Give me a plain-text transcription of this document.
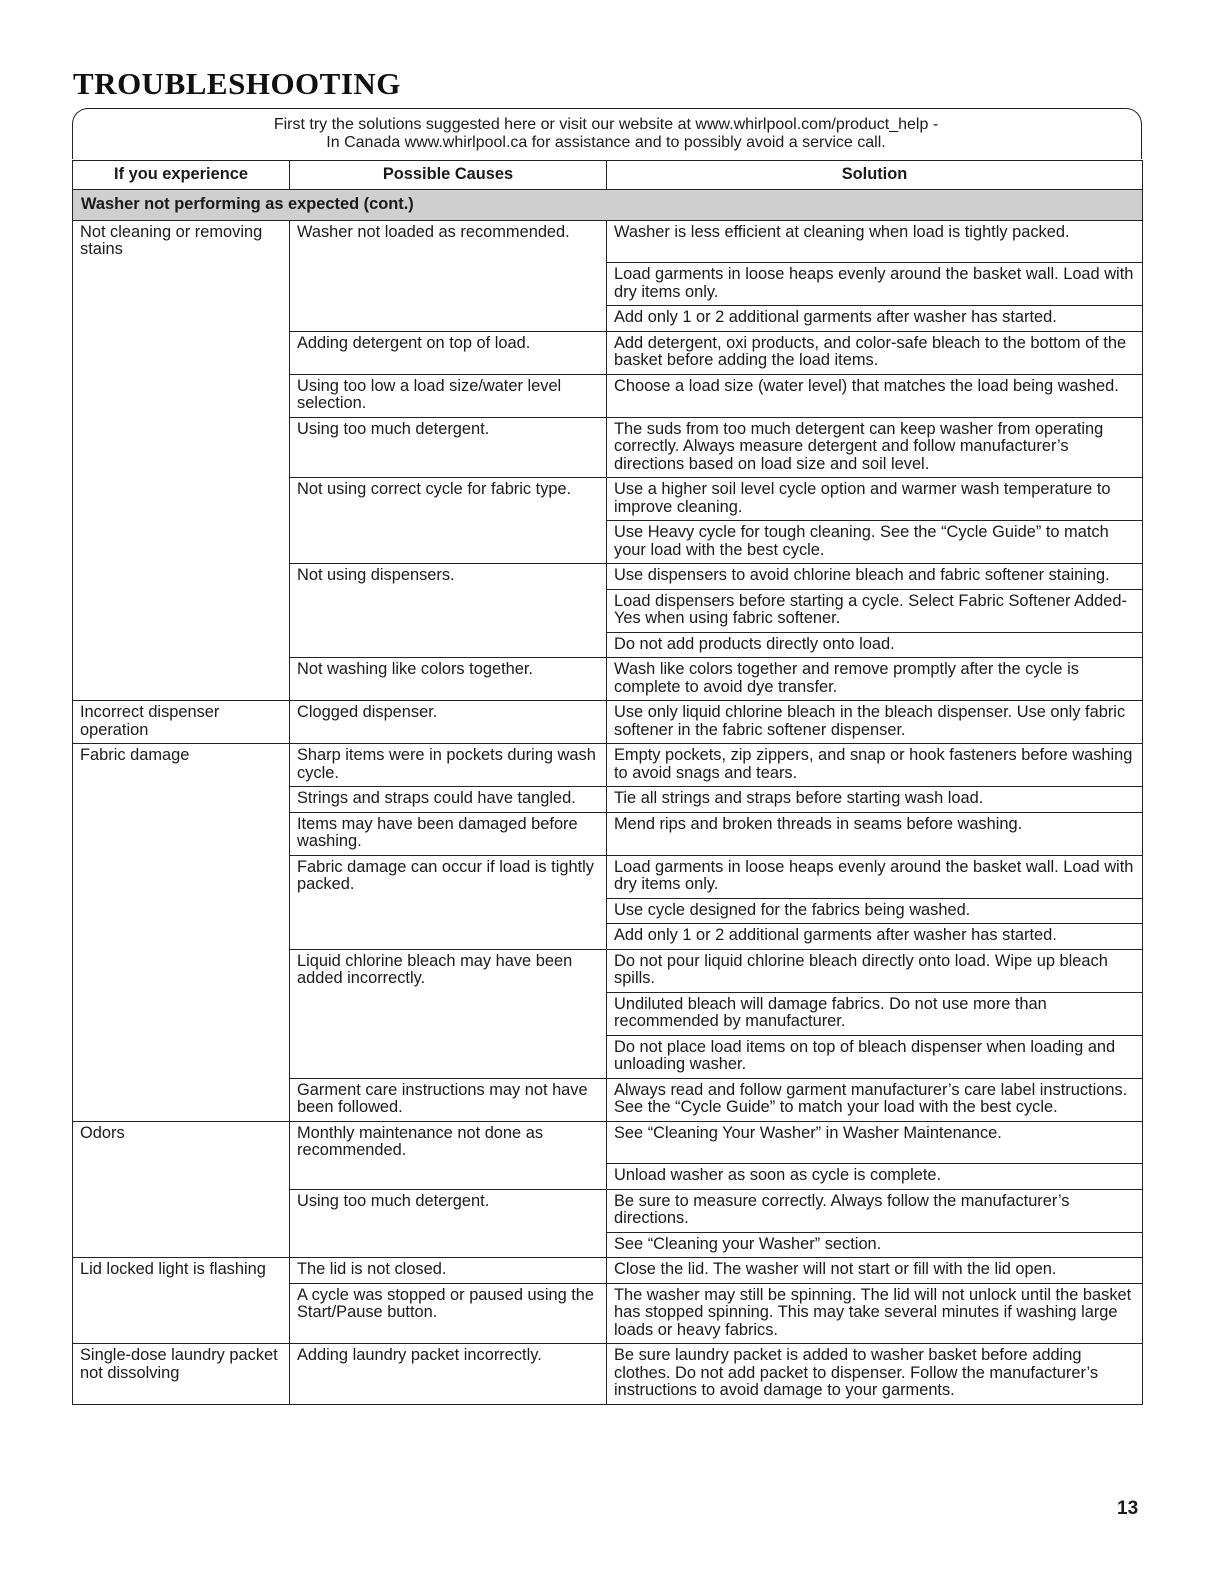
TROUBLESHOOTING
First try the solutions suggested here or visit our website at www.whirlpool.com/product_help -
In Canada www.whirlpool.ca for assistance and to possibly avoid a service call.
If you experience	Possible Causes	Solution
Washer not performing as expected (cont.)		
Not cleaning or removing stains	Washer not loaded as recommended.	Washer is less efficient at cleaning when load is tightly packed.
		Load garments in loose heaps evenly around the basket wall. Load with dry items only.
		Add only 1 or 2 additional garments after washer has started.
	Adding detergent on top of load.	Add detergent, oxi products, and color-safe bleach to the bottom of the basket before adding the load items.
	Using too low a load size/water level selection.	Choose a load size (water level) that matches the load being washed.
	Using too much detergent.	The suds from too much detergent can keep washer from operating correctly. Always measure detergent and follow manufacturer’s directions based on load size and soil level.
	Not using correct cycle for fabric type.	Use a higher soil level cycle option and warmer wash temperature to improve cleaning.
		Use Heavy cycle for tough cleaning. See the “Cycle Guide” to match your load with the best cycle.
	Not using dispensers.	Use dispensers to avoid chlorine bleach and fabric softener staining.
		Load dispensers before starting a cycle. Select Fabric Softener Added-Yes when using fabric softener.
		Do not add products directly onto load.
	Not washing like colors together.	Wash like colors together and remove promptly after the cycle is complete to avoid dye transfer.
Incorrect dispenser operation	Clogged dispenser.	Use only liquid chlorine bleach in the bleach dispenser. Use only fabric softener in the fabric softener dispenser.
Fabric damage	Sharp items were in pockets during wash cycle.	Empty pockets, zip zippers, and snap or hook fasteners before washing to avoid snags and tears.
	Strings and straps could have tangled.	Tie all strings and straps before starting wash load.
	Items may have been damaged before washing.	Mend rips and broken threads in seams before washing.
	Fabric damage can occur if load is tightly packed.	Load garments in loose heaps evenly around the basket wall. Load with dry items only.
		Use cycle designed for the fabrics being washed.
		Add only 1 or 2 additional garments after washer has started.
	Liquid chlorine bleach may have been added incorrectly.	Do not pour liquid chlorine bleach directly onto load. Wipe up bleach spills.
		Undiluted bleach will damage fabrics. Do not use more than recommended by manufacturer.
		Do not place load items on top of bleach dispenser when loading and unloading washer.
	Garment care instructions may not have been followed.	Always read and follow garment manufacturer’s care label instructions. See the “Cycle Guide” to match your load with the best cycle.
Odors	Monthly maintenance not done as recommended.	See “Cleaning Your Washer” in Washer Maintenance.
		Unload washer as soon as cycle is complete.
	Using too much detergent.	Be sure to measure correctly. Always follow the manufacturer’s directions.
		See “Cleaning your Washer” section.
Lid locked light is flashing	The lid is not closed.	Close the lid. The washer will not start or fill with the lid open.
	A cycle was stopped or paused using the Start/Pause button.	The washer may still be spinning. The lid will not unlock until the basket has stopped spinning. This may take several minutes if washing large loads or heavy fabrics.
Single-dose laundry packet not dissolving	Adding laundry packet incorrectly.	Be sure laundry packet is added to washer basket before adding clothes. Do not add packet to dispenser. Follow the manufacturer’s instructions to avoid damage to your garments.
13
